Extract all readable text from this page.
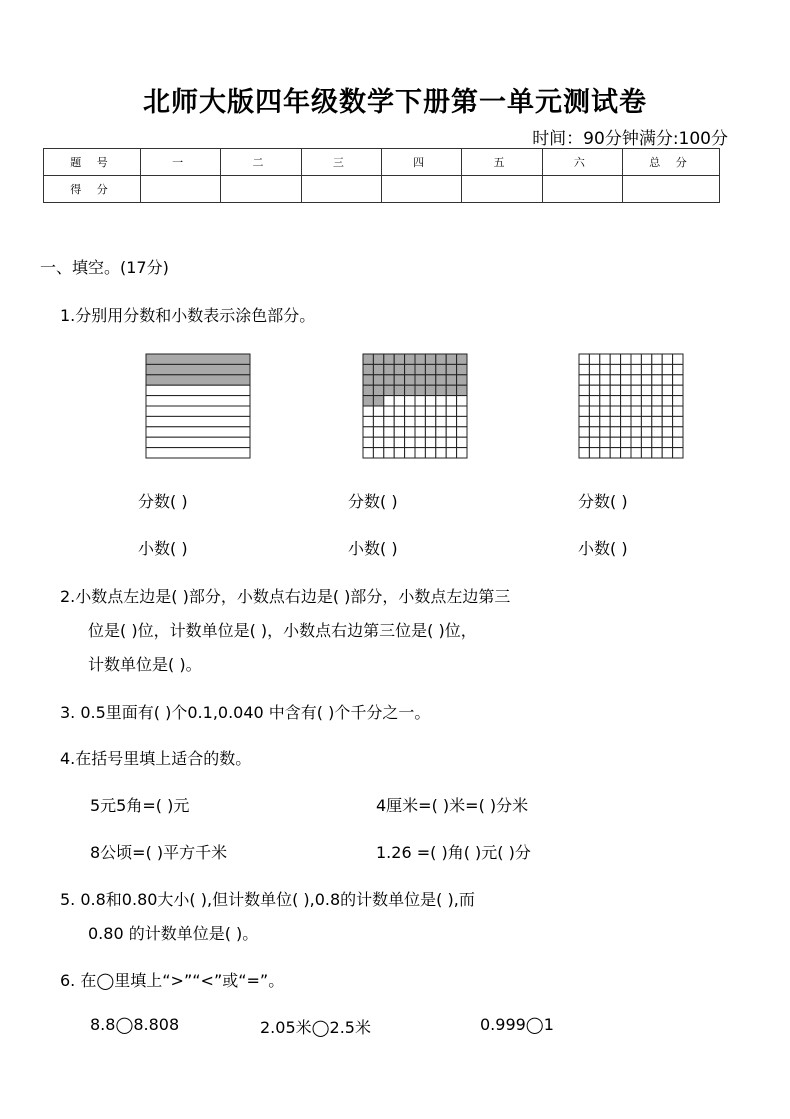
北师大版四年级数学下册第一单元测试卷
时间：90分钟满分:100分
题 号	一	二	三	四	五	六	总 分
得 分							
一、填空。(17分)
1.分别用分数和小数表示涂色部分。
分数( )	分数( )	分数( )
小数( )	小数( )	小数( )
2.小数点左边是( )部分，小数点右边是( )部分，小数点左边第三
位是( )位，计数单位是( )，小数点右边第三位是( )位，
计数单位是( )。
3. 0.5里面有( )个0.1,0.040 中含有( )个千分之一。
4.在括号里填上适合的数。
5元5角=( )元	4厘米=( )米=( )分米
8公顷=( )平方千米	1.26 =( )角( )元( )分
5. 0.8和0.80大小( ),但计数单位( ),0.8的计数单位是( ),而
0.80 的计数单位是( )。
6. 在◯里填上“>”“<”或“=”。
8.8◯8.808	2.05米◯2.5米	0.999◯1
